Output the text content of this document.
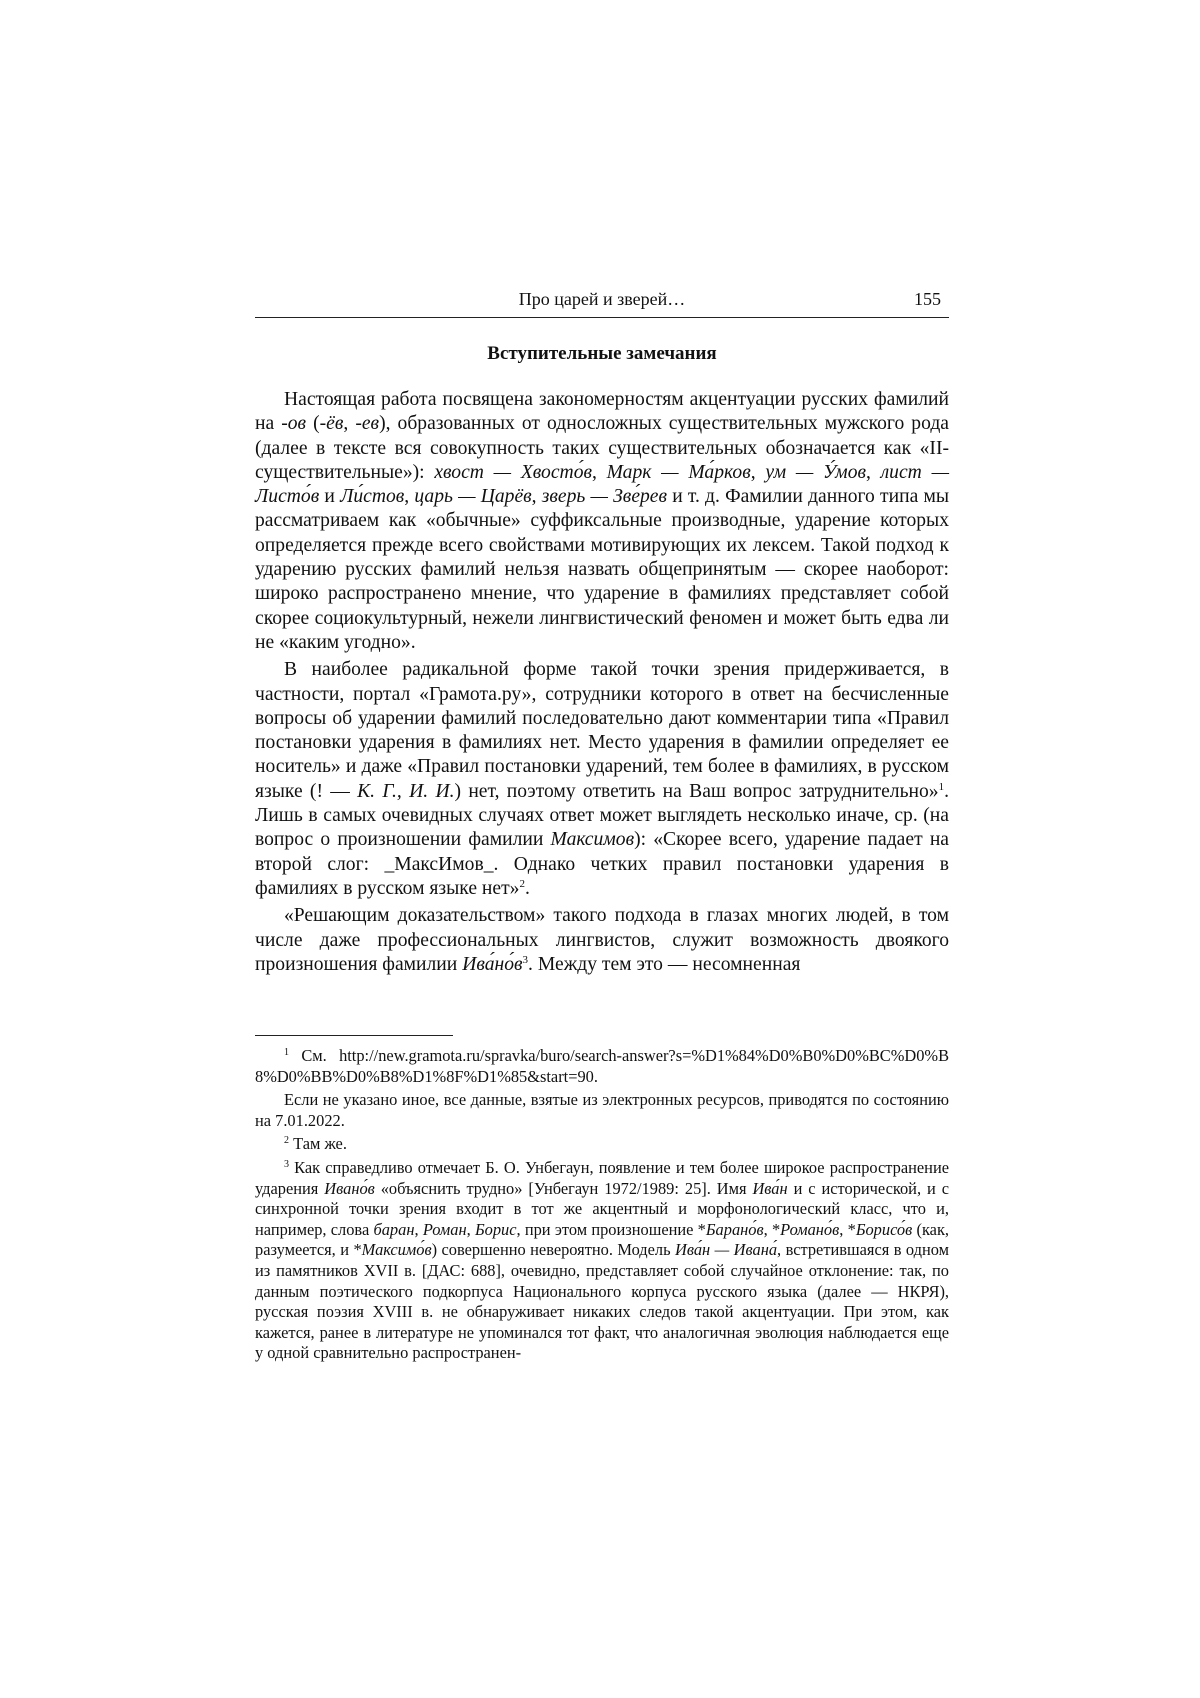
Про царей и зверей…	155
Вступительные замечания

Настоящая работа посвящена закономерностям акцентуации русских фамилий на -ов (-ёв, -ев), образованных от односложных существительных мужского рода (далее в тексте вся совокупность таких существительных обозначается как «II-существительные»): хвост — Хвосто́в, Марк — Ма́рков, ум — У́мов, лист — Листо́в и Ли́стов, царь — Царёв, зверь — Зве́рев и т. д. Фамилии данного типа мы рассматриваем как «обычные» суффиксальные производные, ударение которых определяется прежде всего свойствами мотивирующих их лексем. Такой подход к ударению русских фамилий нельзя назвать общепринятым — скорее наоборот: широко распространено мнение, что ударение в фамилиях представляет собой скорее социокультурный, нежели лингвистический феномен и может быть едва ли не «каким угодно».

В наиболее радикальной форме такой точки зрения придерживается, в частности, портал «Грамота.ру», сотрудники которого в ответ на бесчисленные вопросы об ударении фамилий последовательно дают комментарии типа «Правил постановки ударения в фамилиях нет. Место ударения в фамилии определяет ее носитель» и даже «Правил постановки ударений, тем более в фамилиях, в русском языке (! — К. Г., И. И.) нет, поэтому ответить на Ваш вопрос затруднительно»$^1$. Лишь в самых очевидных случаях ответ может выглядеть несколько иначе, ср. (на вопрос о произношении фамилии Максимов): «Скорее всего, ударение падает на второй слог: _МаксИмов_. Однако четких правил постановки ударения в фамилиях в русском языке нет»$^2$.

«Решающим доказательством» такого подхода в глазах многих людей, в том числе даже профессиональных лингвистов, служит возможность двоякого произношения фамилии $Ива́но́в^3$. Между тем это — несомненная

$^1$ См. http://new.gramota.ru/spravka/buro/search-answer?s=%D1%84%D0%B0%D0%BC%D0%B8%D0%BB%D0%B8%D1%8F%D1%85&start=90.

Если не указано иное, все данные, взятые из электронных ресурсов, приводятся по состоянию на 7.01.2022.

$^2$ Там же.

$^3$ Как справедливо отмечает Б. О. Унбегаун, появление и тем более широкое распространение ударения Ивано́в «объяснить трудно» [Унбегаун 1972/1989: 25]. Имя Ива́н и с исторической, и с синхронной точки зрения входит в тот же акцентный и морфонологический класс, что и, например, слова баран, Роман, Борис, при этом произношение *Барано́в, *Романо́в, *Борисо́в (как, разумеется, и *Максимо́в) совершенно невероятно. Модель Ива́н — Ивана́, встретившаяся в одном из памятников XVII в. [ДАС: 688], очевидно, представляет собой случайное отклонение: так, по данным поэтического подкорпуса Национального корпуса русского языка (далее — НКРЯ), русская поэзия XVIII в. не обнаруживает никаких следов такой акцентуации. При этом, как кажется, ранее в литературе не упоминался тот факт, что аналогичная эволюция наблюдается еще у одной сравнительно распространен-
